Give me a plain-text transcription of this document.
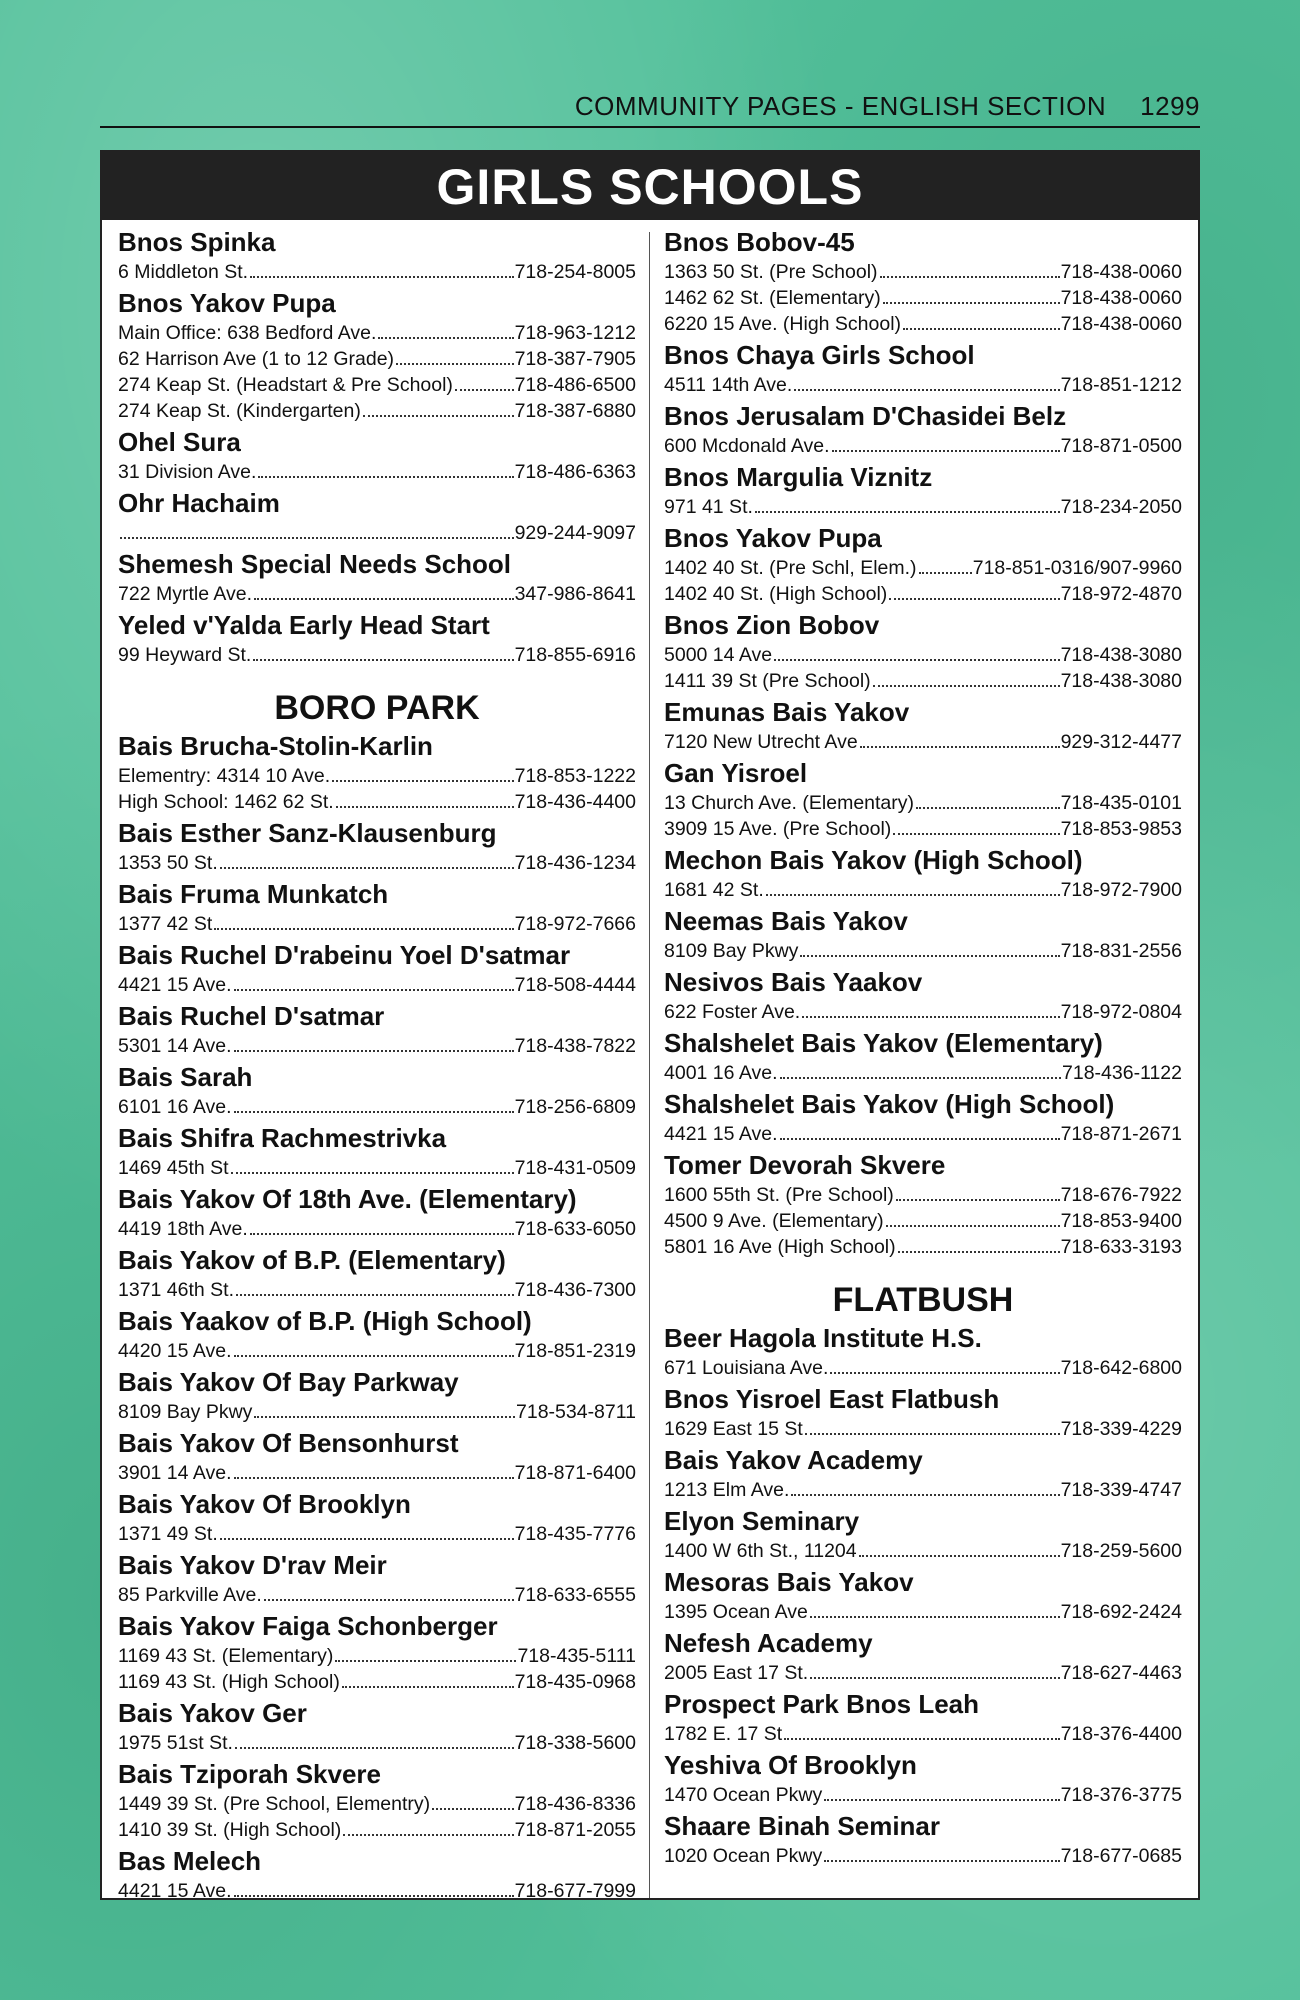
COMMUNITY PAGES - ENGLISH SECTION 1299
GIRLS SCHOOLS
Bnos Spinka
6 Middleton St.	718-254-8005
Bnos Yakov Pupa
Main Office: 638 Bedford Ave.	718-963-1212
62 Harrison Ave (1 to 12 Grade)	718-387-7905
274 Keap St. (Headstart & Pre School)	718-486-6500
274 Keap St. (Kindergarten)	718-387-6880
Ohel Sura
31 Division Ave.	718-486-6363
Ohr Hachaim
929-244-9097
Shemesh Special Needs School
722 Myrtle Ave.	347-986-8641
Yeled v'Yalda Early Head Start
99 Heyward St.	718-855-6916
BORO PARK
Bais Brucha-Stolin-Karlin
Elementry: 4314 10 Ave.	718-853-1222
High School: 1462 62 St.	718-436-4400
Bais Esther Sanz-Klausenburg
1353 50 St.	718-436-1234
Bais Fruma Munkatch
1377 42 St	718-972-7666
Bais Ruchel D'rabeinu Yoel D'satmar
4421 15 Ave.	718-508-4444
Bais Ruchel D'satmar
5301 14 Ave.	718-438-7822
Bais Sarah
6101 16 Ave.	718-256-6809
Bais Shifra Rachmestrivka
1469 45th St	718-431-0509
Bais Yakov Of 18th Ave. (Elementary)
4419 18th Ave.	718-633-6050
Bais Yakov of B.P. (Elementary)
1371 46th St.	718-436-7300
Bais Yaakov of B.P. (High School)
4420 15 Ave.	718-851-2319
Bais Yakov Of Bay Parkway
8109 Bay Pkwy	718-534-8711
Bais Yakov Of Bensonhurst
3901 14 Ave.	718-871-6400
Bais Yakov Of Brooklyn
1371 49 St.	718-435-7776
Bais Yakov D'rav Meir
85 Parkville Ave.	718-633-6555
Bais Yakov Faiga Schonberger
1169 43 St. (Elementary)	718-435-5111
1169 43 St. (High School)	718-435-0968
Bais Yakov Ger
1975 51st St.	718-338-5600
Bais Tziporah Skvere
1449 39 St. (Pre School, Elementry)	718-436-8336
1410 39 St. (High School)	718-871-2055
Bas Melech
4421 15 Ave.	718-677-7999
Bnos Bobov-45
1363 50 St. (Pre School)	718-438-0060
1462 62 St. (Elementary)	718-438-0060
6220 15 Ave. (High School)	718-438-0060
Bnos Chaya Girls School
4511 14th Ave.	718-851-1212
Bnos Jerusalam D'Chasidei Belz
600 Mcdonald Ave.	718-871-0500
Bnos Margulia Viznitz
971 41 St.	718-234-2050
Bnos Yakov Pupa
1402 40 St. (Pre Schl, Elem.)	718-851-0316/907-9960
1402 40 St. (High School)	718-972-4870
Bnos Zion Bobov
5000 14 Ave	718-438-3080
1411 39 St (Pre School)	718-438-3080
Emunas Bais Yakov
7120 New Utrecht Ave	929-312-4477
Gan Yisroel
13 Church Ave. (Elementary)	718-435-0101
3909 15 Ave. (Pre School)	718-853-9853
Mechon Bais Yakov (High School)
1681 42 St.	718-972-7900
Neemas Bais Yakov
8109 Bay Pkwy	718-831-2556
Nesivos Bais Yaakov
622 Foster Ave.	718-972-0804
Shalshelet Bais Yakov (Elementary)
4001 16 Ave.	718-436-1122
Shalshelet Bais Yakov (High School)
4421 15 Ave.	718-871-2671
Tomer Devorah Skvere
1600 55th St. (Pre School)	718-676-7922
4500 9 Ave. (Elementary)	718-853-9400
5801 16 Ave (High School)	718-633-3193
FLATBUSH
Beer Hagola Institute H.S.
671 Louisiana Ave.	718-642-6800
Bnos Yisroel East Flatbush
1629 East 15 St	718-339-4229
Bais Yakov Academy
1213 Elm Ave.	718-339-4747
Elyon Seminary
1400 W 6th St., 11204	718-259-5600
Mesoras Bais Yakov
1395 Ocean Ave	718-692-2424
Nefesh Academy
2005 East 17 St.	718-627-4463
Prospect Park Bnos Leah
1782 E. 17 St	718-376-4400
Yeshiva Of Brooklyn
1470 Ocean Pkwy	718-376-3775
Shaare Binah Seminar
1020 Ocean Pkwy	718-677-0685
